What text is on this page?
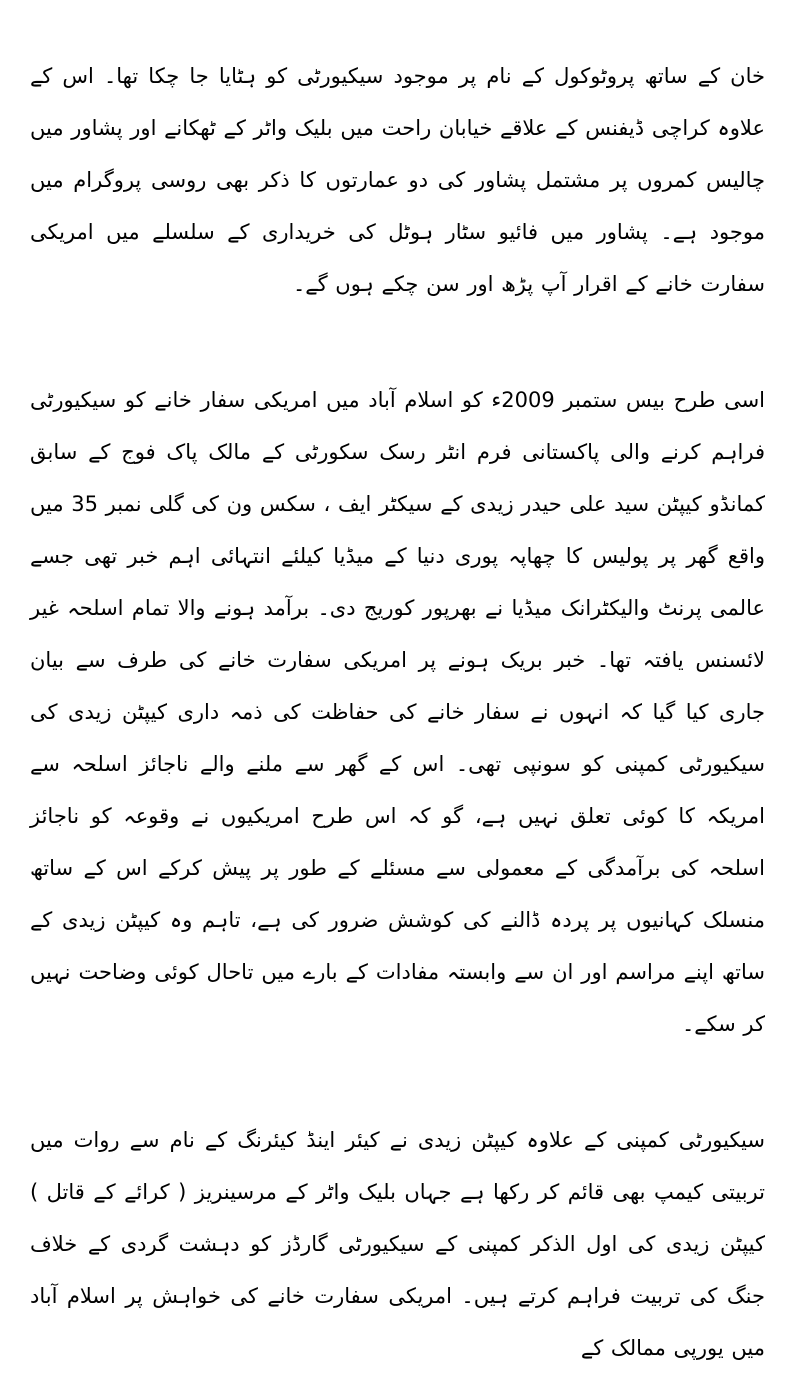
خان کے ساتھ پروٹوکول کے نام پر موجود سیکیورٹی کو ہٹایا جا چکا تھا۔ اس کے علاوہ کراچی ڈیفنس کے علاقے خیابان راحت میں بلیک واٹر کے ٹھکانے اور پشاور میں چالیس کمروں پر مشتمل پشاور کی دو عمارتوں کا ذکر بھی روسی پروگرام میں موجود ہے۔ پشاور میں فائیو سٹار ہوٹل کی خریداری کے سلسلے میں امریکی سفارت خانے کے اقرار آپ پڑھ اور سن چکے ہوں گے۔

اسی طرح بیس ستمبر 2009ء کو اسلام آباد میں امریکی سفار خانے کو سیکیورٹی فراہم کرنے والی پاکستانی فرم انٹر رسک سکورٹی کے مالک پاک فوج کے سابق کمانڈو کیپٹن سید علی حیدر زیدی کے سیکٹر ایف ، سکس ون کی گلی نمبر 35 میں واقع گھر پر پولیس کا چھاپہ پوری دنیا کے میڈیا کیلئے انتہائی اہم خبر تھی جسے عالمی پرنٹ والیکٹرانک میڈیا نے بھرپور کوریج دی۔ برآمد ہونے والا تمام اسلحہ غیر لائسنس یافتہ تھا۔ خبر بریک ہونے پر امریکی سفارت خانے کی طرف سے بیان جاری کیا گیا کہ انہوں نے سفار خانے کی حفاظت کی ذمہ داری کیپٹن زیدی کی سیکیورٹی کمپنی کو سونپی تھی۔ اس کے گھر سے ملنے والے ناجائز اسلحہ سے امریکہ کا کوئی تعلق نہیں ہے، گو کہ اس طرح امریکیوں نے وقوعہ کو ناجائز اسلحہ کی برآمدگی کے معمولی سے مسئلے کے طور پر پیش کرکے اس کے ساتھ منسلک کہانیوں پر پردہ ڈالنے کی کوشش ضرور کی ہے، تاہم وہ کیپٹن زیدی کے ساتھ اپنے مراسم اور ان سے وابستہ مفادات کے بارے میں تاحال کوئی وضاحت نہیں کر سکے۔

سیکیورٹی کمپنی کے علاوہ کیپٹن زیدی نے کیئر اینڈ کیئرنگ کے نام سے روات میں تربیتی کیمپ بھی قائم کر رکھا ہے جہاں بلیک واٹر کے مرسینریز ( کرائے کے قاتل ) کیپٹن زیدی کی اول الذکر کمپنی کے سیکیورٹی گارڈز کو دہشت گردی کے خلاف جنگ کی تربیت فراہم کرتے ہیں۔ امریکی سفارت خانے کی خواہش پر اسلام آباد میں یورپی ممالک کے
